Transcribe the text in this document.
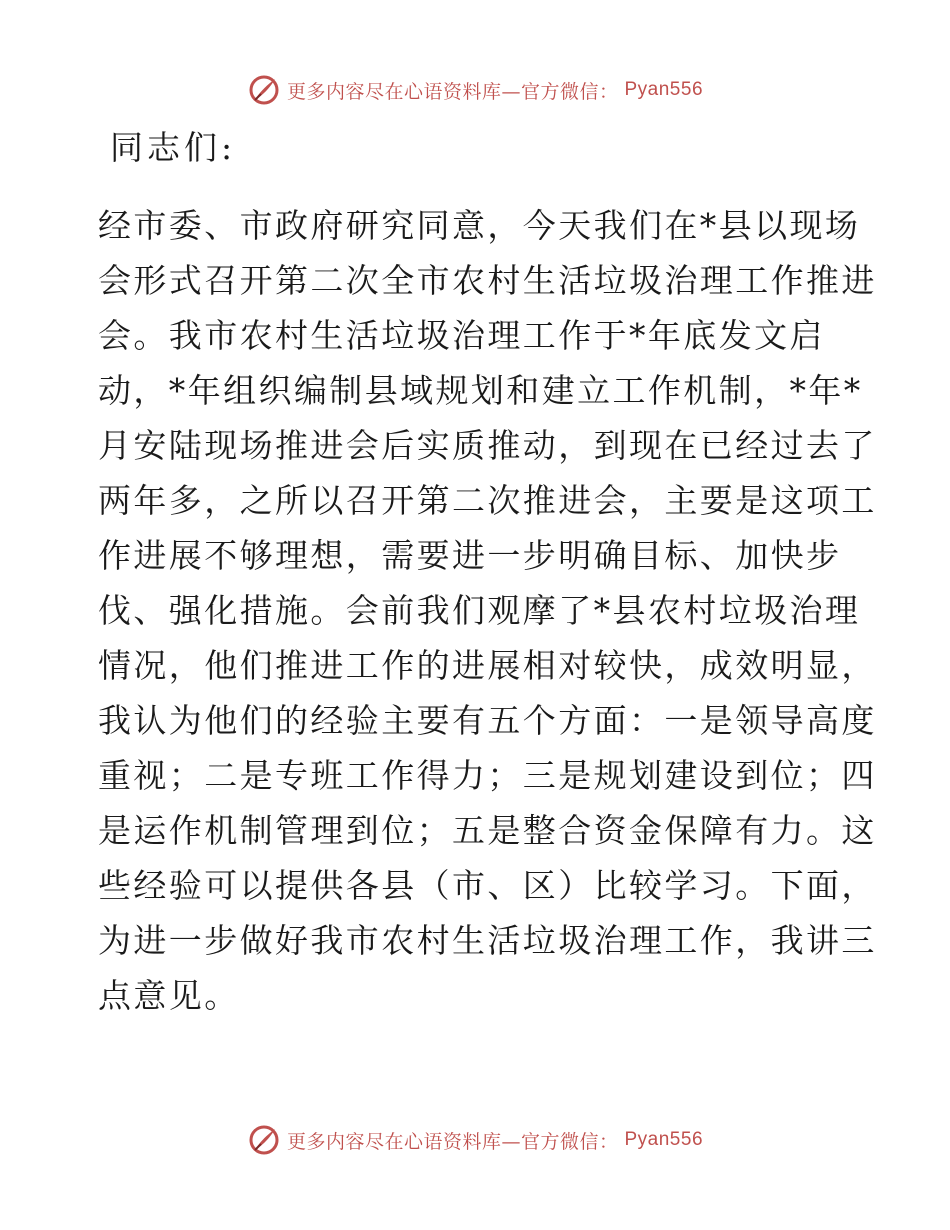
更多内容尽在心语资料库—官方微信： Pyan556

同志们:

经市委、市政府研究同意，今天我们在*县以现场
会形式召开第二次全市农村生活垃圾治理工作推进
会。我市农村生活垃圾治理工作于*年底发文启
动，*年组织编制县域规划和建立工作机制，*年*
月安陆现场推进会后实质推动，到现在已经过去了
两年多，之所以召开第二次推进会，主要是这项工
作进展不够理想，需要进一步明确目标、加快步
伐、强化措施。会前我们观摩了*县农村垃圾治理
情况，他们推进工作的进展相对较快，成效明显，
我认为他们的经验主要有五个方面：一是领导高度
重视；二是专班工作得力；三是规划建设到位；四
是运作机制管理到位；五是整合资金保障有力。这
些经验可以提供各县（市、区）比较学习。下面，
为进一步做好我市农村生活垃圾治理工作，我讲三
点意见。
更多内容尽在心语资料库—官方微信： Pyan556
